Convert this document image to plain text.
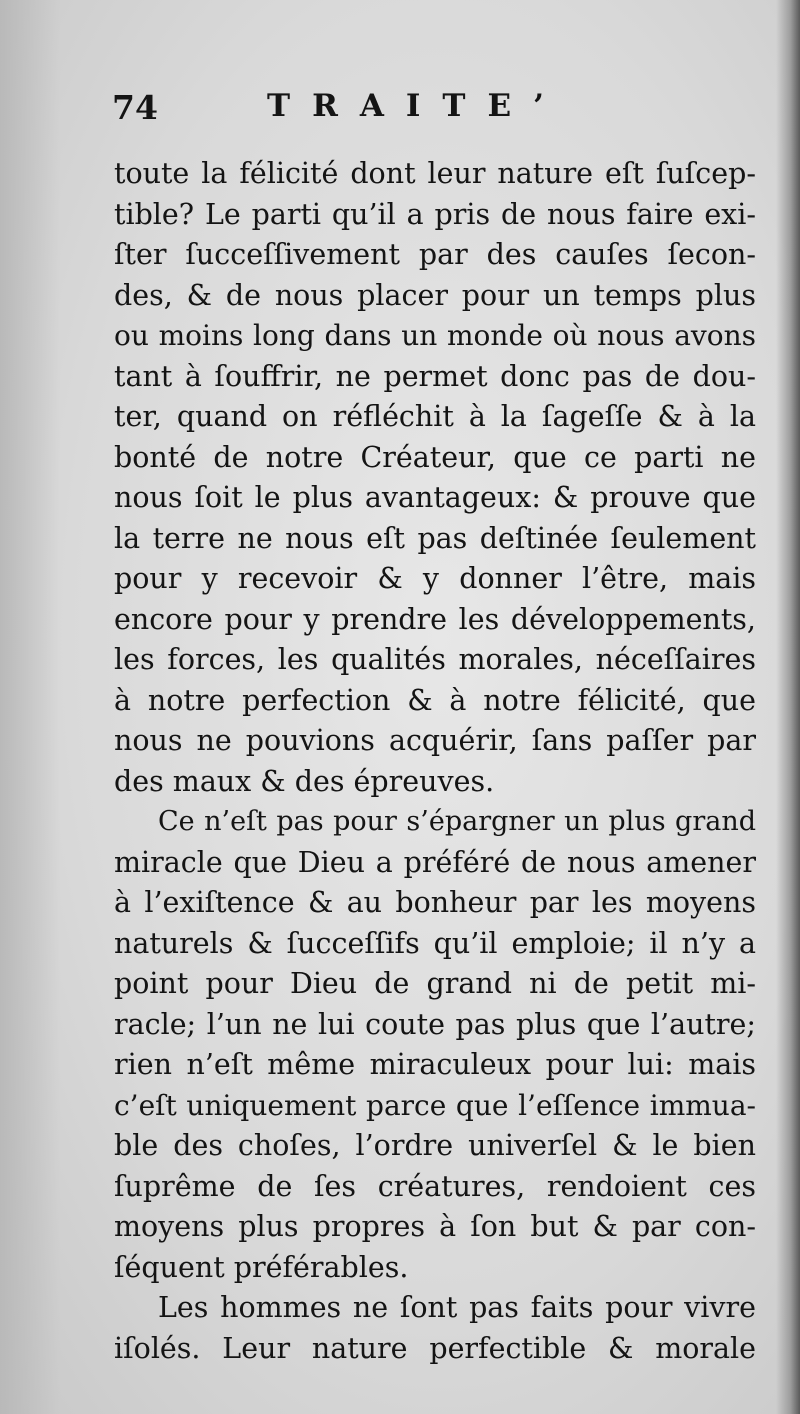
74	TRAITE’
toute la félicité dont leur nature eſt ſuſcep-
tible? Le parti qu’il a pris de nous faire exi-
ſter ſucceſſivement par des cauſes ſecon-
des, & de nous placer pour un temps plus
ou moins long dans un monde où nous avons
tant à ſouffrir, ne permet donc pas de dou-
ter, quand on réfléchit à la ſageſſe & à la
bonté de notre Créateur, que ce parti ne
nous ſoit le plus avantageux: & prouve que
la terre ne nous eſt pas deſtinée ſeulement
pour y recevoir & y donner l’être, mais
encore pour y prendre les développements,
les forces, les qualités morales, néceſſaires
à notre perfection & à notre félicité, que
nous ne pouvions acquérir, ſans paſſer par
des maux & des épreuves.
Ce n’eſt pas pour s’épargner un plus grand
miracle que Dieu a préféré de nous amener
à l’exiſtence & au bonheur par les moyens
naturels & ſucceſſifs qu’il emploie; il n’y a
point pour Dieu de grand ni de petit mi-
racle; l’un ne lui coute pas plus que l’autre;
rien n’eſt même miraculeux pour lui: mais
c’eſt uniquement parce que l’eſſence immua-
ble des choſes, l’ordre univerſel & le bien
ſuprême de ſes créatures, rendoient ces
moyens plus propres à ſon but & par con-
ſéquent préférables.
Les hommes ne ſont pas faits pour vivre
iſolés. Leur nature perfectible & morale
